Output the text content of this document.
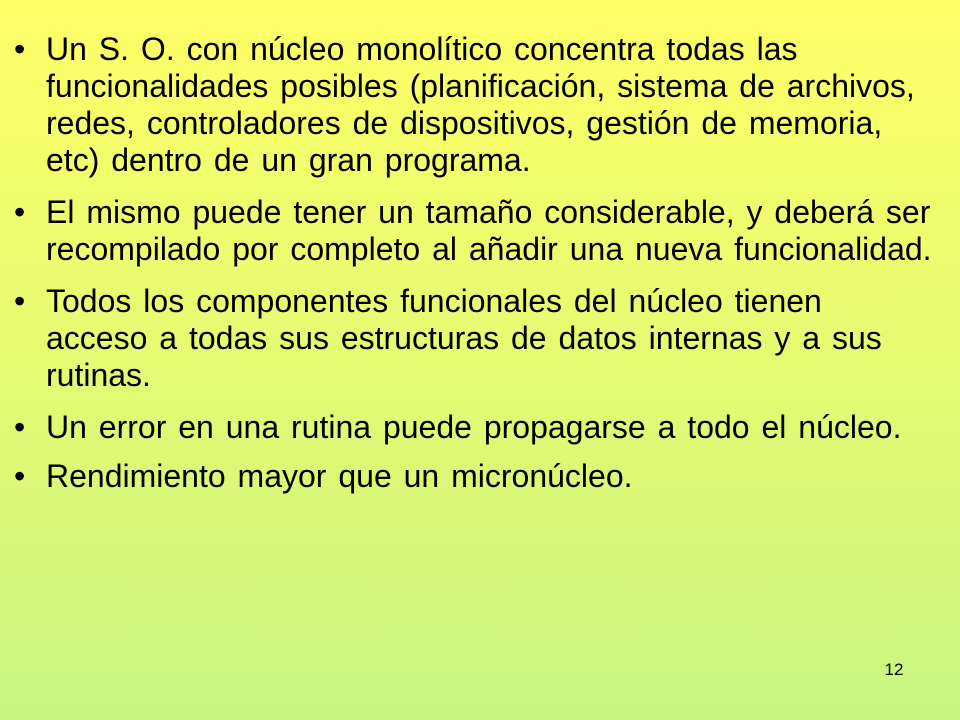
• Un S. O. con núcleo monolítico concentra todas las funcionalidades posibles (planificación, sistema de archivos, redes, controladores de dispositivos, gestión de memoria, etc) dentro de un gran programa.
• El mismo puede tener un tamaño considerable, y deberá ser recompilado por completo al añadir una nueva funcionalidad.
• Todos los componentes funcionales del núcleo tienen acceso a todas sus estructuras de datos internas y a sus rutinas.
• Un error en una rutina puede propagarse a todo el núcleo.
• Rendimiento mayor que un micronúcleo.
12
